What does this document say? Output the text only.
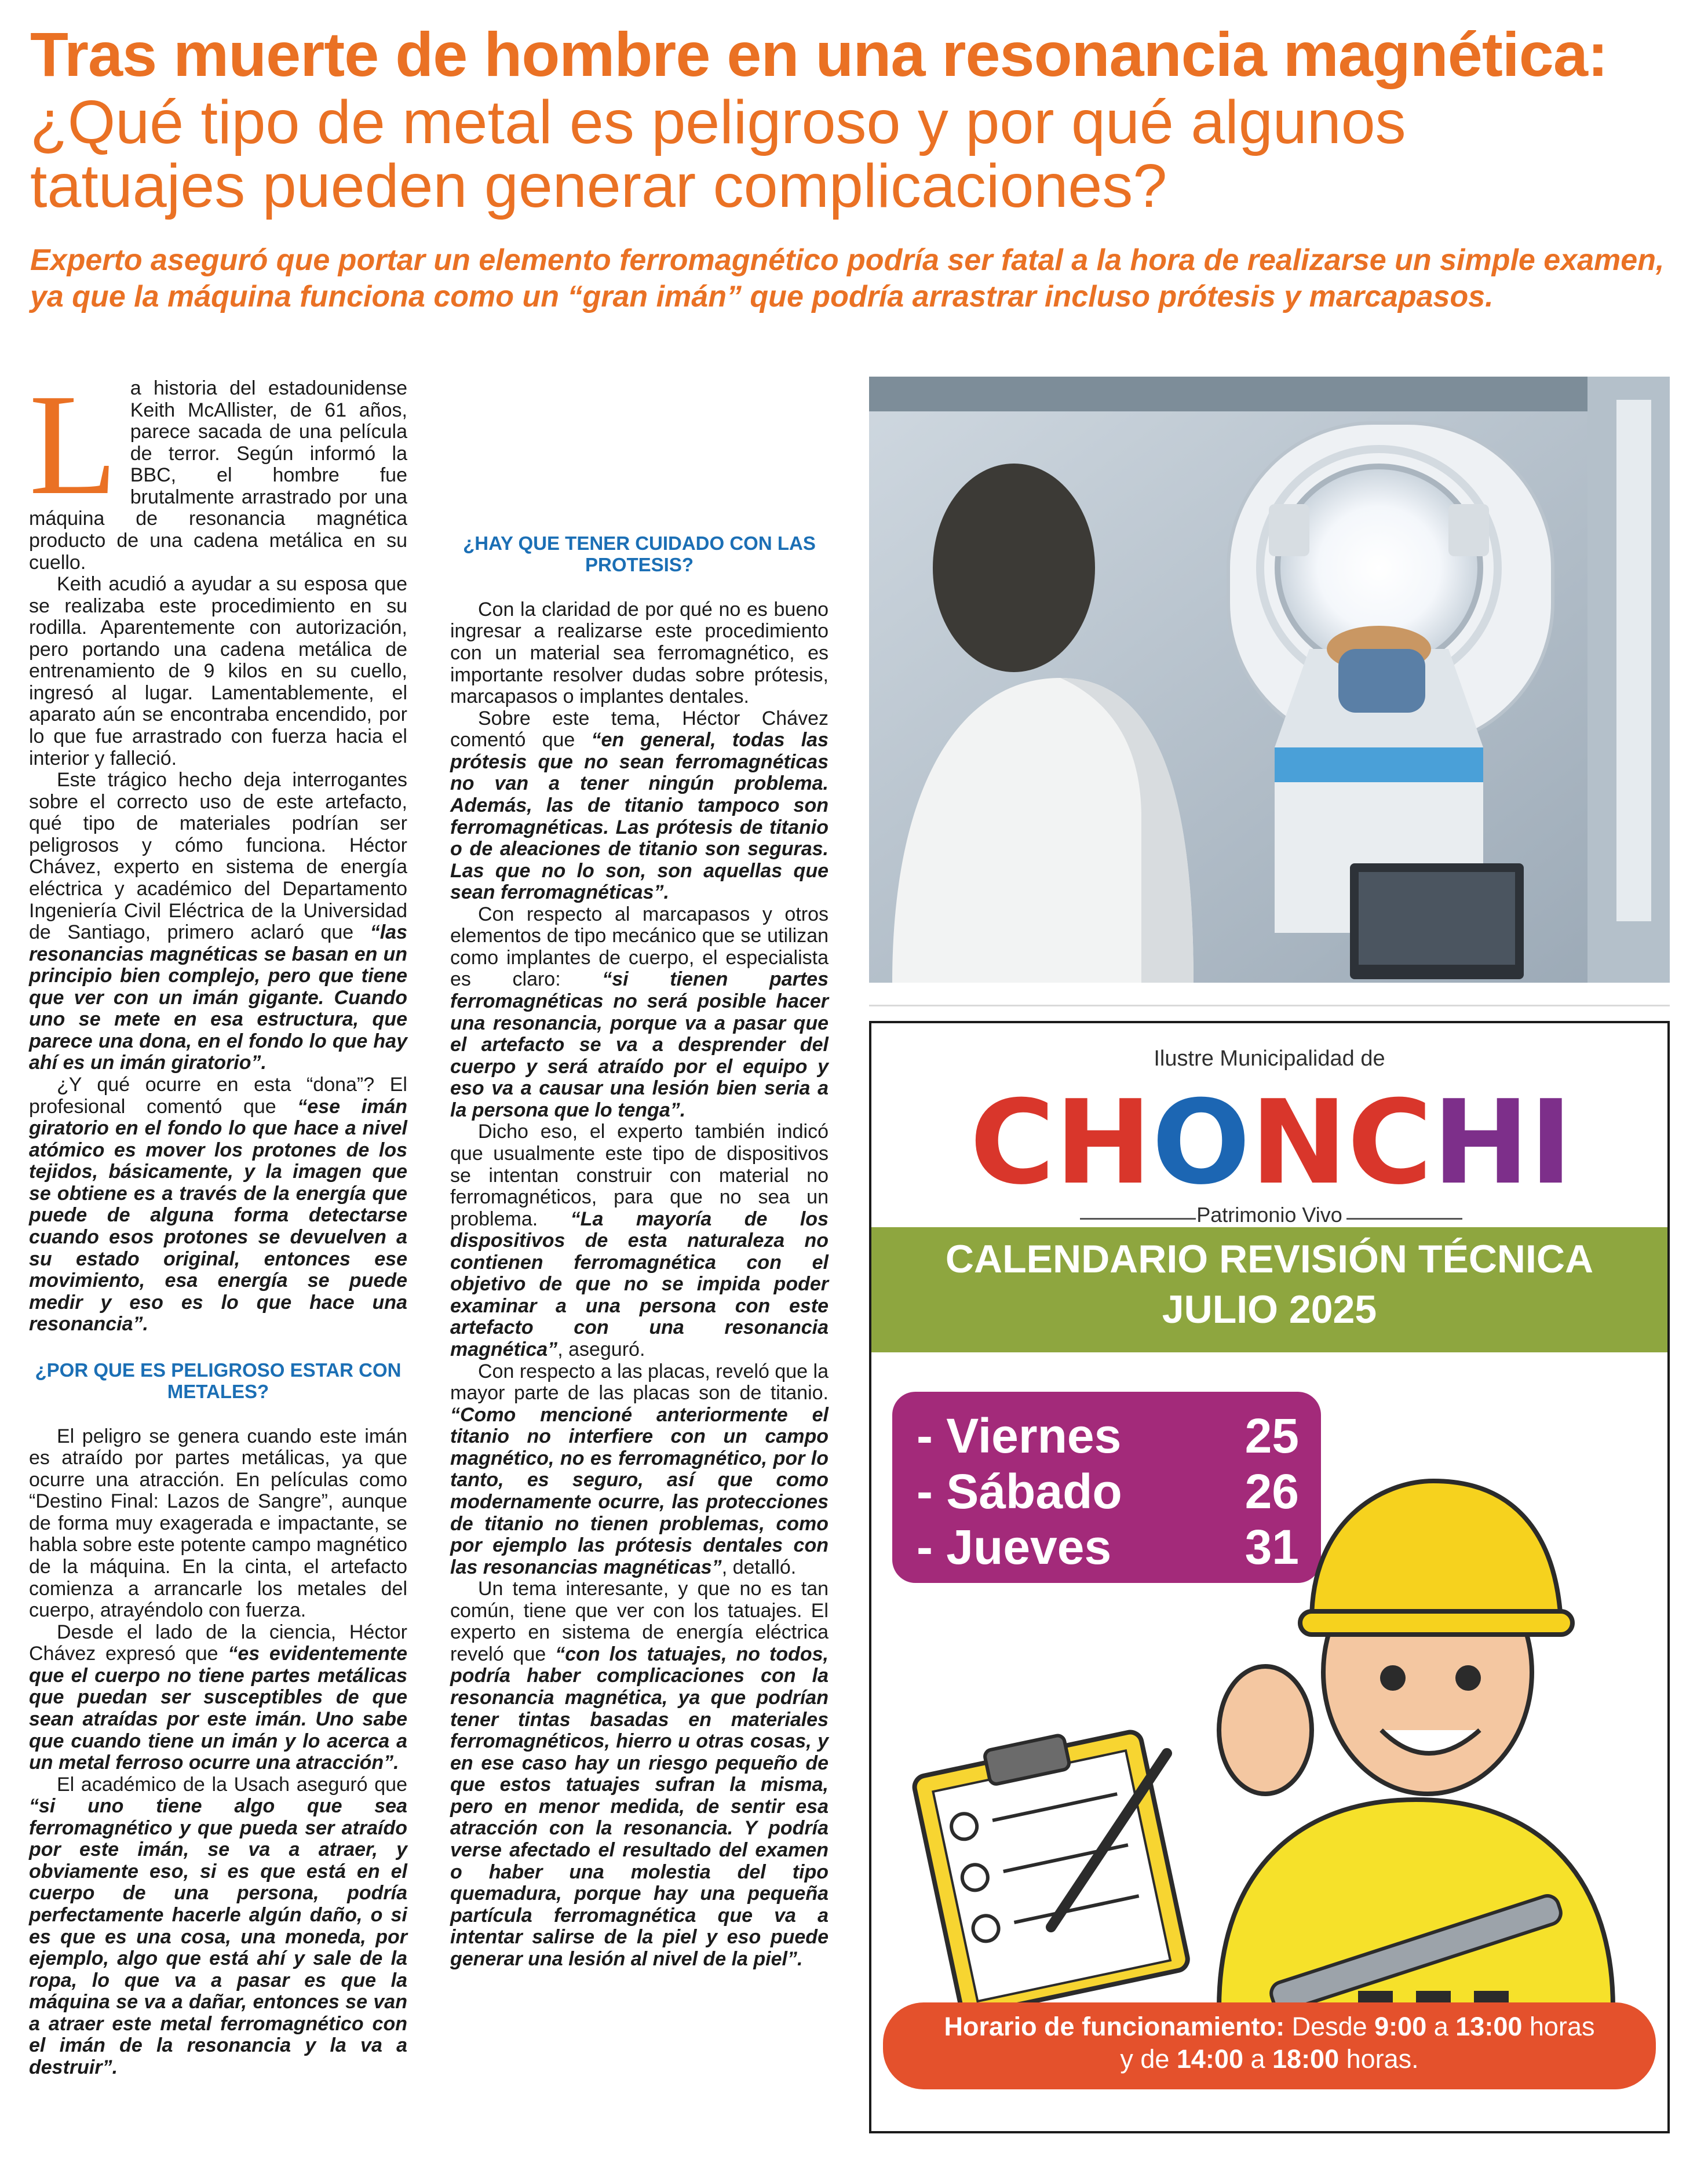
Tras muerte de hombre en una resonancia magnética:
¿Qué tipo de metal es peligroso y por qué algunos
tatuajes pueden generar complicaciones?

Experto aseguró que portar un elemento ferromagnético podría ser fatal a la hora de realizarse un simple examen, ya que la máquina funciona como un “gran imán” que podría arrastrar incluso prótesis y marcapasos.

L a historia del estadounidense Keith McAllister, de 61 años, parece sacada de una película de terror. Según informó la BBC, el hombre fue brutalmente arrastrado por una máquina de resonancia magnética producto de una cadena metálica en su cuello.

Keith acudió a ayudar a su esposa que se realizaba este procedimiento en su rodilla. Aparentemente con autorización, pero portando una cadena metálica de entrenamiento de 9 kilos en su cuello, ingresó al lugar. Lamentablemente, el aparato aún se encontraba encendido, por lo que fue arrastrado con fuerza hacia el interior y falleció.

Este trágico hecho deja interrogantes sobre el correcto uso de este artefacto, qué tipo de materiales podrían ser peligrosos y cómo funciona. Héctor Chávez, experto en sistema de energía eléctrica y académico del Departamento Ingeniería Civil Eléctrica de la Universidad de Santiago, primero aclaró que “las resonancias magnéticas se basan en un principio bien complejo, pero que tiene que ver con un imán gigante. Cuando uno se mete en esa estructura, que parece una dona, en el fondo lo que hay ahí es un imán giratorio”.

¿Y qué ocurre en esta “dona”? El profesional comentó que “ese imán giratorio en el fondo lo que hace a nivel atómico es mover los protones de los tejidos, básicamente, y la imagen que se obtiene es a través de la energía que puede de alguna forma detectarse cuando esos protones se devuelven a su estado original, entonces ese movimiento, esa energía se puede medir y eso es lo que hace una resonancia”.

¿POR QUE ES PELIGROSO ESTAR CON METALES?

El peligro se genera cuando este imán es atraído por partes metálicas, ya que ocurre una atracción. En películas como “Destino Final: Lazos de Sangre”, aunque de forma muy exagerada e impactante, se habla sobre este potente campo magnético de la máquina. En la cinta, el artefacto comienza a arrancarle los metales del cuerpo, atrayéndolo con fuerza.

Desde el lado de la ciencia, Héctor Chávez expresó que “es evidentemente que el cuerpo no tiene partes metálicas que puedan ser susceptibles de que sean atraídas por este imán. Uno sabe que cuando tiene un imán y lo acerca a un metal ferroso ocurre una atracción”.

El académico de la Usach aseguró que “si uno tiene algo que sea ferromagnético y que pueda ser atraído por este imán, se va a atraer, y obviamente eso, si es que está en el cuerpo de una persona, podría perfectamente hacerle algún daño, o si es que es una cosa, una moneda, por ejemplo, algo que está ahí y sale de la ropa, lo que va a pasar es que la máquina se va a dañar, entonces se van a atraer este metal ferromagnético con el imán de la resonancia y la va a destruir”.

¿HAY QUE TENER CUIDADO CON LAS PROTESIS?

Con la claridad de por qué no es bueno ingresar a realizarse este procedimiento con un material sea ferromagnético, es importante resolver dudas sobre prótesis, marcapasos o implantes dentales.

Sobre este tema, Héctor Chávez comentó que “en general, todas las prótesis que no sean ferromagnéticas no van a tener ningún problema. Además, las de titanio tampoco son ferromagnéticas. Las prótesis de titanio o de aleaciones de titanio son seguras. Las que no lo son, son aquellas que sean ferromagnéticas”.

Con respecto al marcapasos y otros elementos de tipo mecánico que se utilizan como implantes de cuerpo, el especialista es claro: “si tienen partes ferromagnéticas no será posible hacer una resonancia, porque va a pasar que el artefacto se va a desprender del cuerpo y será atraído por el equipo y eso va a causar una lesión bien seria a la persona que lo tenga”.

Dicho eso, el experto también indicó que usualmente este tipo de dispositivos se intentan construir con material no ferromagnéticos, para que no sea un problema. “La mayoría de los dispositivos de esta naturaleza no contienen ferromagnética con el objetivo de que no se impida poder examinar a una persona con este artefacto con una resonancia magnética”, aseguró.

Con respecto a las placas, reveló que la mayor parte de las placas son de titanio. “Como mencioné anteriormente el titanio no interfiere con un campo magnético, no es ferromagnético, por lo tanto, es seguro, así que como modernamente ocurre, las protecciones de titanio no tienen problemas, como por ejemplo las prótesis dentales con las resonancias magnéticas”, detalló.

Un tema interesante, y que no es tan común, tiene que ver con los tatuajes. El experto en sistema de energía eléctrica reveló que “con los tatuajes, no todos, podría haber complicaciones con la resonancia magnética, ya que podrían tener tintas basadas en materiales ferromagnéticos, hierro u otras cosas, y en ese caso hay un riesgo pequeño de que estos tatuajes sufran la misma, pero en menor medida, de sentir esa atracción con la resonancia. Y podría verse afectado el resultado del examen o haber una molestia del tipo quemadura, porque hay una pequeña partícula ferromagnética que va a intentar salirse de la piel y eso puede generar una lesión al nivel de la piel”.

Ilustre Municipalidad de
CHONCHI
Patrimonio Vivo
CALENDARIO REVISIÓN TÉCNICA
JULIO 2025
- Viernes	25
- Sábado	26
- Jueves	31
Horario de funcionamiento: Desde 9:00 a 13:00 horas
y de 14:00 a 18:00 horas.
